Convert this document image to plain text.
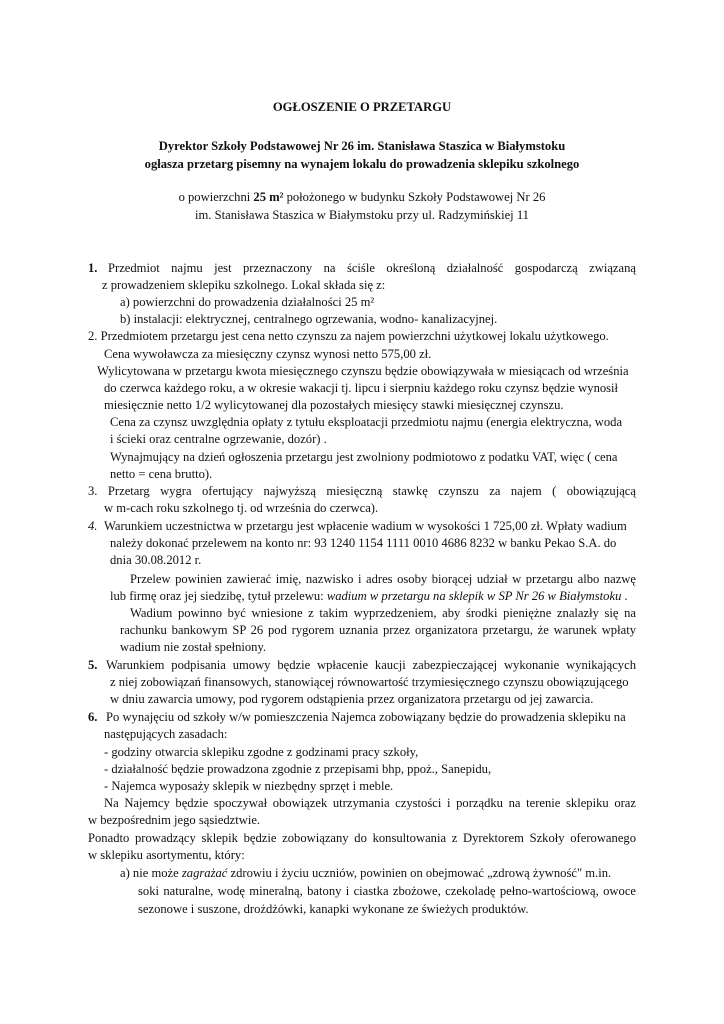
OGŁOSZENIE O PRZETARGU
Dyrektor Szkoły Podstawowej Nr 26 im. Stanisława Staszica w Białymstoku
ogłasza przetarg pisemny na wynajem lokalu do prowadzenia sklepiku szkolnego
o powierzchni 25 m² położonego w budynku Szkoły Podstawowej Nr 26
im. Stanisława Staszica w Białymstoku przy ul. Radzymińskiej 11
1. Przedmiot najmu jest przeznaczony na ściśle określoną działalność gospodarczą związaną
z prowadzeniem sklepiku szkolnego. Lokal składa się z:
a) powierzchni do prowadzenia działalności 25 m²
b) instalacji: elektrycznej, centralnego ogrzewania, wodno- kanalizacyjnej.
2. Przedmiotem przetargu jest cena netto czynszu za najem powierzchni użytkowej lokalu użytkowego.
Cena wywoławcza za miesięczny czynsz wynosi netto 575,00 zł.
Wylicytowana w przetargu kwota miesięcznego czynszu będzie obowiązywała w miesiącach od września
do czerwca każdego roku, a w okresie wakacji tj. lipcu i sierpniu każdego roku czynsz będzie wynosił
miesięcznie netto 1/2 wylicytowanej dla pozostałych miesięcy stawki miesięcznej czynszu.
Cena za czynsz uwzględnia opłaty z tytułu eksploatacji przedmiotu najmu (energia elektryczna, woda
i ścieki oraz centralne ogrzewanie, dozór) .
Wynajmujący na dzień ogłoszenia przetargu jest zwolniony podmiotowo z podatku VAT, więc ( cena
netto = cena brutto).
3. Przetarg wygra ofertujący najwyższą miesięczną stawkę czynszu za najem ( obowiązującą
w m-cach roku szkolnego tj. od września do czerwca).
4. Warunkiem uczestnictwa w przetargu jest wpłacenie wadium w wysokości 1 725,00 zł. Wpłaty wadium
należy dokonać przelewem na konto nr: 93 1240 1154 1111 0010 4686 8232 w banku Pekao S.A. do
dnia 30.08.2012 r.
Przelew powinien zawierać imię, nazwisko i adres osoby biorącej udział w przetargu albo nazwę
lub firmę oraz jej siedzibę, tytuł przelewu: wadium w przetargu na sklepik w SP Nr 26 w Białymstoku .
Wadium powinno być wniesione z takim wyprzedzeniem, aby środki pieniężne znalazły się na
rachunku bankowym SP 26 pod rygorem uznania przez organizatora przetargu, że warunek wpłaty
wadium nie został spełniony.
5. Warunkiem podpisania umowy będzie wpłacenie kaucji zabezpieczającej wykonanie wynikających
z niej zobowiązań finansowych, stanowiącej równowartość trzymiesięcznego czynszu obowiązującego
w dniu zawarcia umowy, pod rygorem odstąpienia przez organizatora przetargu od jej zawarcia.
6. Po wynajęciu od szkoły w/w pomieszczenia Najemca zobowiązany będzie do prowadzenia sklepiku na
następujących zasadach:
- godziny otwarcia sklepiku zgodne z godzinami pracy szkoły,
- działalność będzie prowadzona zgodnie z przepisami bhp, ppoż., Sanepidu,
- Najemca wyposaży sklepik w niezbędny sprzęt i meble.
Na Najemcy będzie spoczywał obowiązek utrzymania czystości i porządku na terenie sklepiku oraz
w bezpośrednim jego sąsiedztwie.
Ponadto prowadzący sklepik będzie zobowiązany do konsultowania z Dyrektorem Szkoły oferowanego
w sklepiku asortymentu, który:
a) nie może zagrażać zdrowiu i życiu uczniów, powinien on obejmować „zdrową żywność" m.in.
soki naturalne, wodę mineralną, batony i ciastka zbożowe, czekoladę pełno-wartościową, owoce
sezonowe i suszone, drożdżówki, kanapki wykonane ze świeżych produktów.
